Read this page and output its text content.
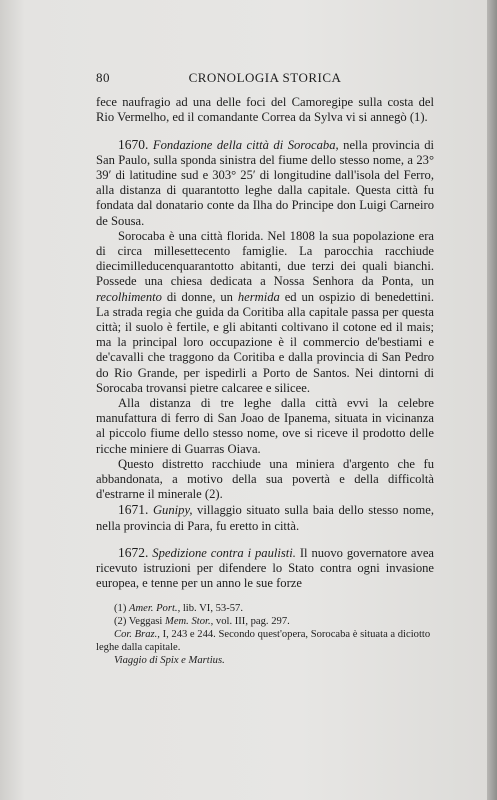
80	CRONOLOGIA STORICA

fece naufragio ad una delle foci del Camoregipe sulla costa del Rio Vermelho, ed il comandante Correa da Sylva vi si annegò (1).

1670. Fondazione della città di Sorocaba, nella provincia di San Paulo, sulla sponda sinistra del fiume dello stesso nome, a 23° 39′ di latitudine sud e 303° 25′ di longitudine dall'isola del Ferro, alla distanza di quarantotto leghe dalla capitale. Questa città fu fondata dal donatario conte da Ilha do Principe don Luigi Carneiro de Sousa.

Sorocaba è una città florida. Nel 1808 la sua popolazione era di circa millesettecento famiglie. La parocchia racchiude diecimilleducenquarantotto abitanti, due terzi dei quali bianchi. Possede una chiesa dedicata a Nossa Senhora da Ponta, un recolhimento di donne, un hermida ed un ospizio di benedettini. La strada regia che guida da Coritiba alla capitale passa per questa città; il suolo è fertile, e gli abitanti coltivano il cotone ed il mais; ma la principal loro occupazione è il commercio de'bestiami e de'cavalli che traggono da Coritiba e dalla provincia di San Pedro do Rio Grande, per ispedirli a Porto de Santos. Nei dintorni di Sorocaba trovansi pietre calcaree e silicee.

Alla distanza di tre leghe dalla città evvi la celebre manufattura di ferro di San Joao de Ipanema, situata in vicinanza al piccolo fiume dello stesso nome, ove si riceve il prodotto delle ricche miniere di Guarras Oiava.

Questo distretto racchiude una miniera d'argento che fu abbandonata, a motivo della sua povertà e della difficoltà d'estrarne il minerale (2).

1671. Gunipy, villaggio situato sulla baia dello stesso nome, nella provincia di Para, fu eretto in città.

1672. Spedizione contra i paulisti. Il nuovo governatore avea ricevuto istruzioni per difendere lo Stato contra ogni invasione europea, e tenne per un anno le sue forze

(1) Amer. Port., lib. VI, 53-57.

(2) Veggasi Mem. Stor., vol. III, pag. 297.

Cor. Braz., I, 243 e 244. Secondo quest'opera, Sorocaba è situata a diciotto leghe dalla capitale.

Viaggio di Spix e Martius.
